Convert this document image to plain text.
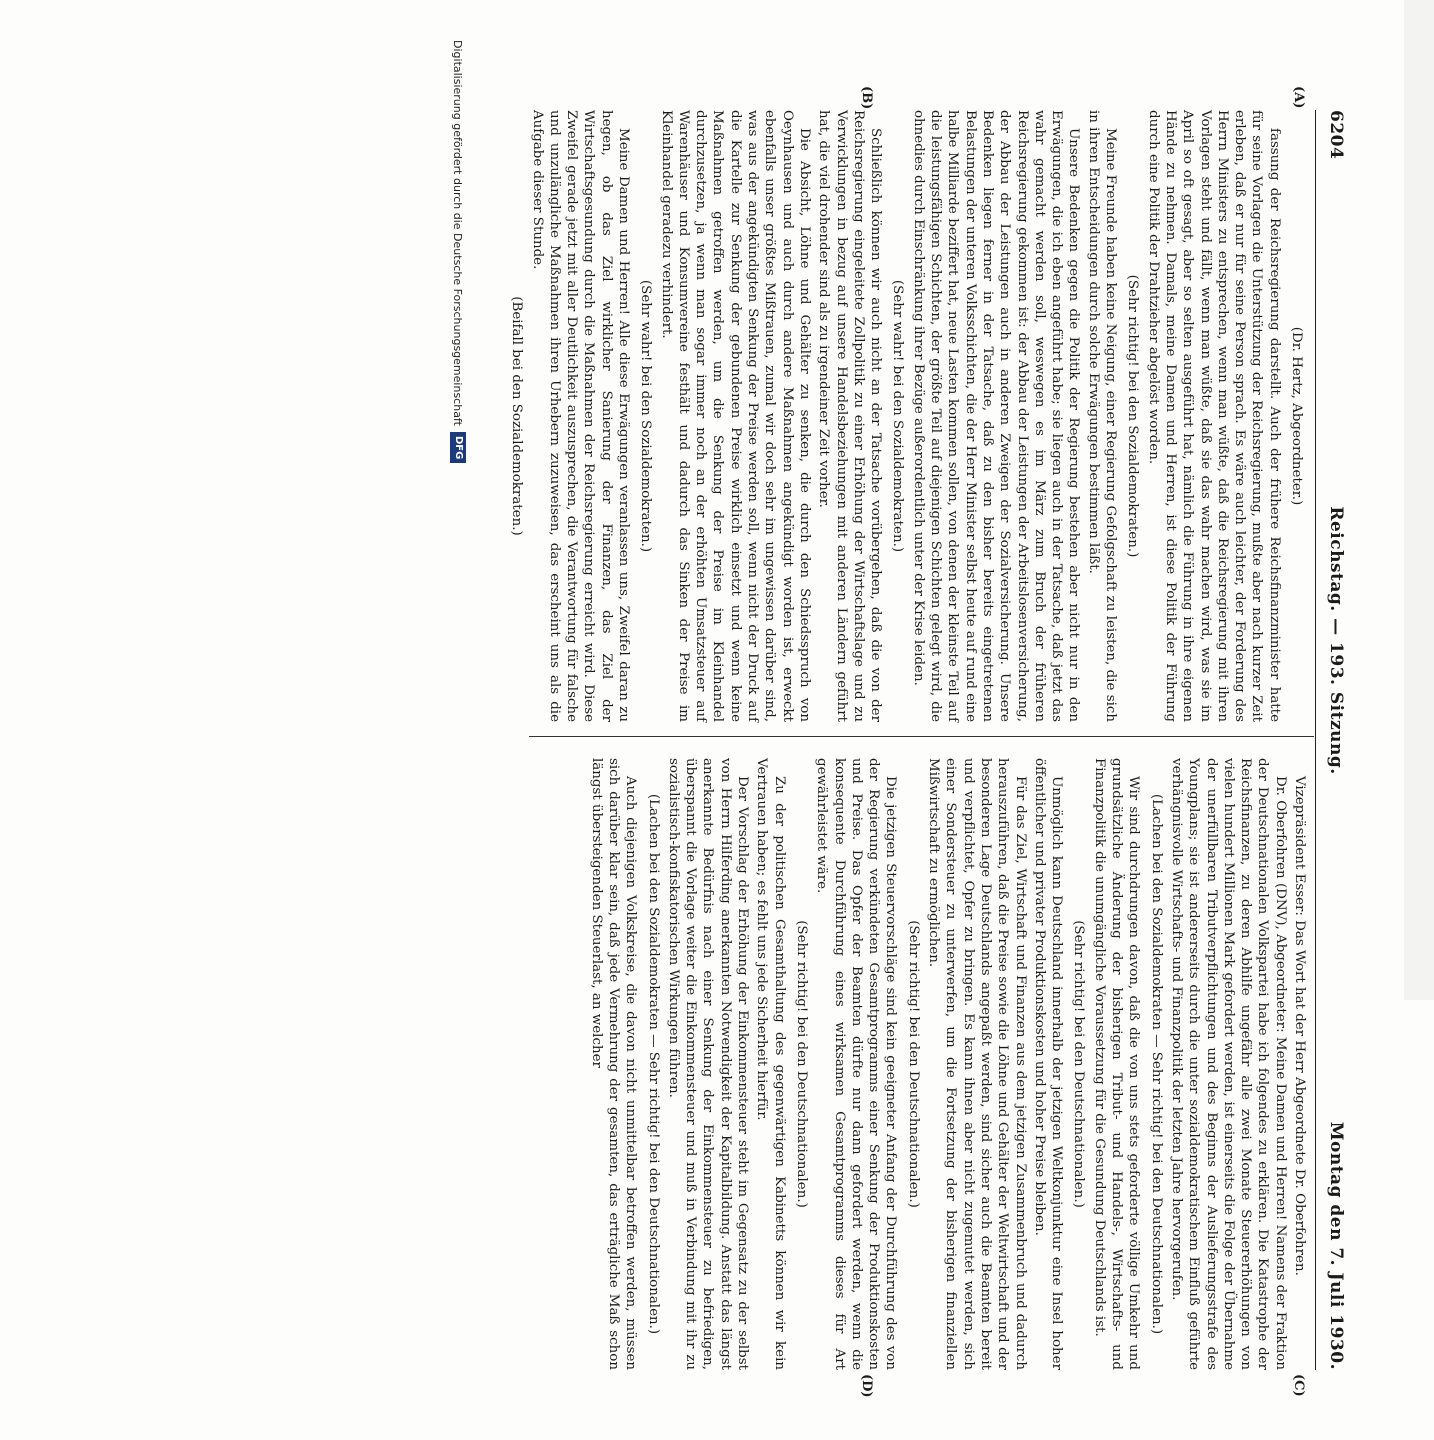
6204
Reichstag. — 193. Sitzung.
Montag den 7. Juli 1930.
(A)
(B)
(C)
(D)

(Dr. Hertz, Abgeordneter.)

fassung der Reichsregierung darstellt. Auch der frühere Reichsfinanzminister hatte für seine Vorlagen die Unterstützung der Reichsregierung, mußte aber nach kurzer Zeit erleben, daß er nur für seine Person sprach. Es wäre auch leichter, der Forderung des Herrn Ministers zu entsprechen, wenn man wüßte, daß die Reichsregierung mit ihren Vorlagen steht und fällt, wenn man wüßte, daß sie das wahr machen wird, was sie im April so oft gesagt, aber so selten ausgeführt hat, nämlich die Führung in ihre eigenen Hände zu nehmen. Damals, meine Damen und Herren, ist diese Politik der Führung durch eine Politik der Drahtzieher abgelöst worden.

(Sehr richtig! bei den Sozialdemokraten.)

Meine Freunde haben keine Neigung, einer Regierung Gefolgschaft zu leisten, die sich in ihren Entscheidungen durch solche Erwägungen bestimmen läßt.

Unsere Bedenken gegen die Politik der Regierung bestehen aber nicht nur in den Erwägungen, die ich eben angeführt habe; sie liegen auch in der Tatsache, daß jetzt das wahr gemacht werden soll, weswegen es im März zum Bruch der früheren Reichsregierung gekommen ist: der Abbau der Leistungen der Arbeitslosenversicherung, der Abbau der Leistungen auch in anderen Zweigen der Sozialversicherung. Unsere Bedenken liegen ferner in der Tatsache, daß zu den bisher bereits eingetretenen Belastungen der unteren Volksschichten, die der Herr Minister selbst heute auf rund eine halbe Milliarde beziffert hat, neue Lasten kommen sollen, von denen der kleinste Teil auf die leistungsfähigen Schichten, der größte Teil auf diejenigen Schichten gelegt wird, die ohnedies durch Einschränkung ihrer Bezüge außerordentlich unter der Krise leiden.

(Sehr wahr! bei den Sozialdemokraten.)

Schließlich können wir auch nicht an der Tatsache vorübergehen, daß die von der Reichsregierung eingeleitete Zollpolitik zu einer Erhöhung der Wirtschaftslage und zu Verwicklungen in bezug auf unsere Handelsbeziehungen mit anderen Ländern geführt hat, die viel drohender sind als zu irgendeiner Zeit vorher.

Die Absicht, Löhne und Gehälter zu senken, die durch den Schiedsspruch von Oeynhausen und auch durch andere Maßnahmen angekündigt worden ist, erweckt ebenfalls unser größtes Mißtrauen, zumal wir doch sehr im ungewissen darüber sind, was aus der angekündigten Senkung der Preise werden soll, wenn nicht der Druck auf die Kartelle zur Senkung der gebundenen Preise wirklich einsetzt und wenn keine Maßnahmen getroffen werden, um die Senkung der Preise im Kleinhandel durchzusetzen, ja wenn man sogar immer noch an der erhöhten Umsatzsteuer auf Warenhäuser und Konsumvereine festhält und dadurch das Sinken der Preise im Kleinhandel geradezu verhindert.

(Sehr wahr! bei den Sozialdemokraten.)

Meine Damen und Herren! Alle diese Erwägungen veranlassen uns, Zweifel daran zu hegen, ob das Ziel wirklicher Sanierung der Finanzen, das Ziel der Wirtschaftsgesundung durch die Maßnahmen der Reichsregierung erreicht wird. Diese Zweifel gerade jetzt mit aller Deutlichkeit auszusprechen, die Verantwortung für falsche und unzulängliche Maßnahmen ihren Urhebern zuzuweisen, das erscheint uns als die Aufgabe dieser Stunde.

(Beifall bei den Sozialdemokraten.)

Vizepräsident Esser: Das Wort hat der Herr Abgeordnete Dr. Oberfohren.

Dr. Oberfohren (DNV), Abgeordneter: Meine Damen und Herren! Namens der Fraktion der Deutschnationalen Volkspartei habe ich folgendes zu erklären. Die Katastrophe der Reichsfinanzen, zu deren Abhilfe ungefähr alle zwei Monate Steuererhöhungen von vielen hundert Millionen Mark gefordert werden, ist einerseits die Folge der Übernahme der unerfüllbaren Tributverpflichtungen und des Beginns der Auslieferungsstrafe des Youngplans; sie ist andererseits durch die unter sozialdemokratischem Einfluß geführte verhängnisvolle Wirtschafts- und Finanzpolitik der letzten Jahre hervorgerufen.

(Lachen bei den Sozialdemokraten — Sehr richtig! bei den Deutschnationalen.)

Wir sind durchdrungen davon, daß die von uns stets geforderte völlige Umkehr und grundsätzliche Änderung der bisherigen Tribut- und Handels-, Wirtschafts- und Finanzpolitik die unumgängliche Voraussetzung für die Gesundung Deutschlands ist.

(Sehr richtig! bei den Deutschnationalen.)

Unmöglich kann Deutschland innerhalb der jetzigen Weltkonjunktur eine Insel hoher öffentlicher und privater Produktionskosten und hoher Preise bleiben.

Für das Ziel, Wirtschaft und Finanzen aus dem jetzigen Zusammenbruch und dadurch herauszuführen, daß die Preise sowie die Löhne und Gehälter der Weltwirtschaft und der besonderen Lage Deutschlands angepaßt werden, sind sicher auch die Beamten bereit und verpflichtet, Opfer zu bringen. Es kann ihnen aber nicht zugemutet werden, sich einer Sondersteuer zu unterwerfen, um die Fortsetzung der bisherigen finanziellen Mißwirtschaft zu ermöglichen.

(Sehr richtig! bei den Deutschnationalen.)

Die jetzigen Steuervorschläge sind kein geeigneter Anfang der Durchführung des von der Regierung verkündeten Gesamtprogramms einer Senkung der Produktionskosten und Preise. Das Opfer der Beamten dürfte nur dann gefordert werden, wenn die konsequente Durchführung eines wirksamen Gesamtprogramms dieses für Art gewährleistet wäre.

(Sehr richtig! bei den Deutschnationalen.)

Zu der politischen Gesamthaltung des gegenwärtigen Kabinetts können wir kein Vertrauen haben; es fehlt uns jede Sicherheit hierfür.

Der Vorschlag der Erhöhung der Einkommensteuer steht im Gegensatz zu der selbst von Herrn Hilferding anerkannten Notwendigkeit der Kapitalbildung. Anstatt das längst anerkannte Bedürfnis nach einer Senkung der Einkommensteuer zu befriedigen, überspannt die Vorlage weiter die Einkommensteuer und muß in Verbindung mit ihr zu sozialistisch-konfiskatorischen Wirkungen führen.

(Lachen bei den Sozialdemokraten — Sehr richtig! bei den Deutschnationalen.)

Auch diejenigen Volkskreise, die davon nicht unmittelbar betroffen werden, müssen sich darüber klar sein, daß jede Vermehrung der gesamten, das erträgliche Maß schon längst übersteigenden Steuerlast, an welcher

Digitalisierung gefördert durch die Deutsche Forschungsgemeinschaft
DFG
